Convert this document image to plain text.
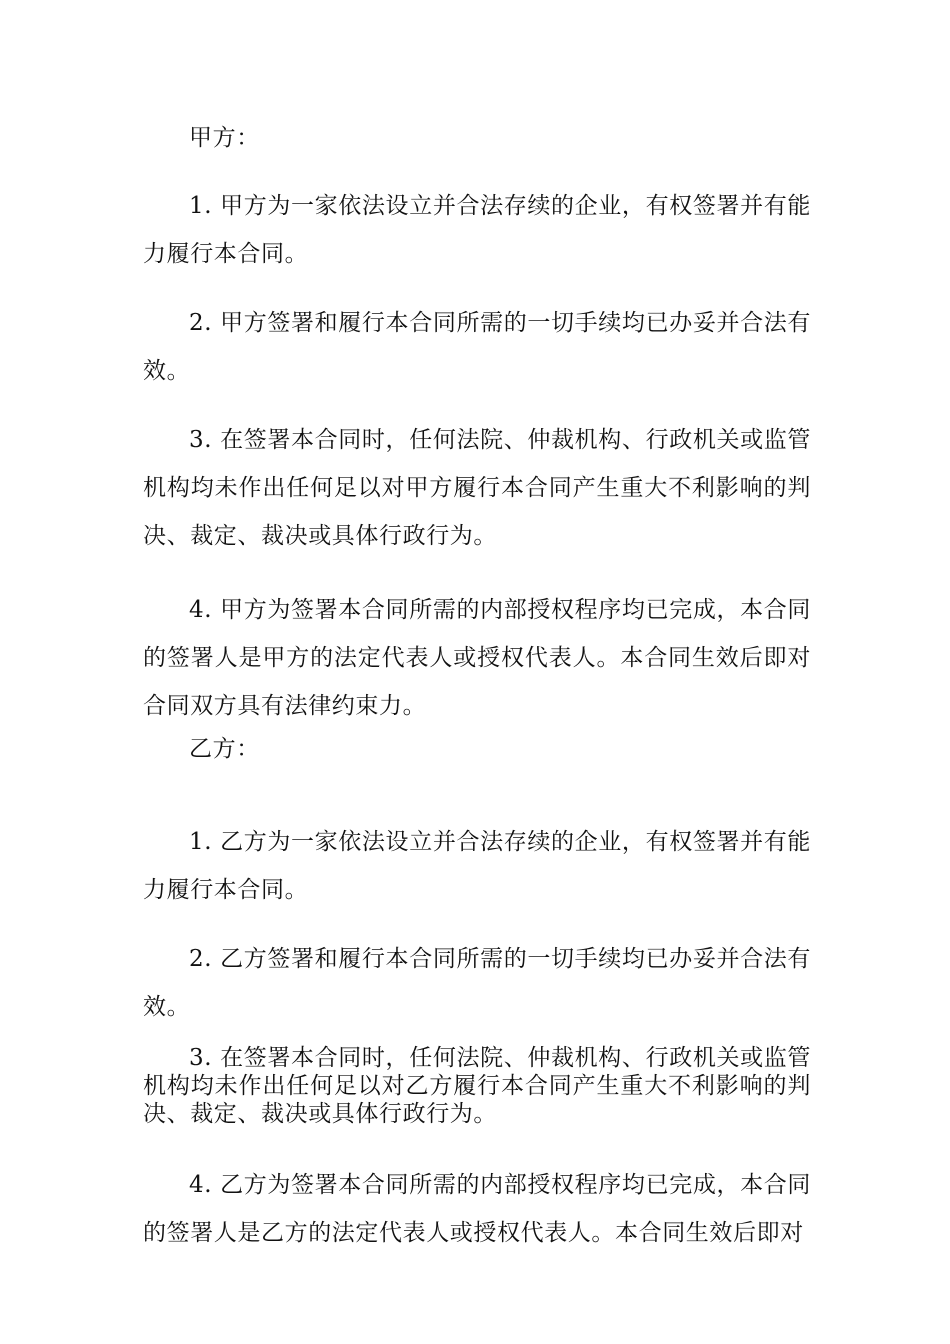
甲方：

1. 甲方为一家依法设立并合法存续的企业，有权签署并有能力履行本合同。

2. 甲方签署和履行本合同所需的一切手续均已办妥并合法有效。

3. 在签署本合同时，任何法院、仲裁机构、行政机关或监管机构均未作出任何足以对甲方履行本合同产生重大不利影响的判决、裁定、裁决或具体行政行为。

4. 甲方为签署本合同所需的内部授权程序均已完成，本合同的签署人是甲方的法定代表人或授权代表人。本合同生效后即对合同双方具有法律约束力。

乙方：

1. 乙方为一家依法设立并合法存续的企业，有权签署并有能力履行本合同。

2. 乙方签署和履行本合同所需的一切手续均已办妥并合法有效。

3. 在签署本合同时，任何法院、仲裁机构、行政机关或监管机构均未作出任何足以对乙方履行本合同产生重大不利影响的判决、裁定、裁决或具体行政行为。

4. 乙方为签署本合同所需的内部授权程序均已完成，本合同的签署人是乙方的法定代表人或授权代表人。本合同生效后即对
